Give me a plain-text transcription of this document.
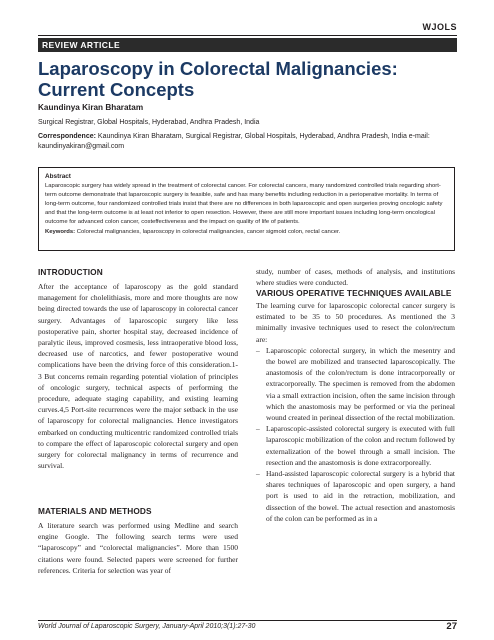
WJOLS
REVIEW ARTICLE
Laparoscopy in Colorectal Malignancies: Current Concepts
Kaundinya Kiran Bharatam
Surgical Registrar, Global Hospitals, Hyderabad, Andhra Pradesh, India
Correspondence: Kaundinya Kiran Bharatam, Surgical Registrar, Global Hospitals, Hyderabad, Andhra Pradesh, India e-mail: kaundinyakiran@gmail.com
Abstract
Laparoscopic surgery has widely spread in the treatment of colorectal cancer. For colorectal cancers, many randomized controlled trials regarding short-term outcome demonstrate that laparoscopic surgery is feasible, safe and has many benefits including reduction in a perioperative mortality. In terms of long-term outcome, four randomized controlled trials insist that there are no differences in both laparoscopic and open surgeries proving oncologic safety and that the long-term outcome is at least not inferior to open resection. However, there are still more important issues including long-term oncological outcome for advanced colon cancer, costeffectiveness and the impact on quality of life of patients.
Keywords: Colorectal malignancies, laparoscopy in colorectal malignancies, cancer sigmoid colon, rectal cancer.
INTRODUCTION

After the acceptance of laparoscopy as the gold standard management for cholelithiasis, more and more thoughts are now being directed towards the use of laparoscopy in colorectal cancer surgery. Advantages of laparoscopic surgery like less postoperative pain, shorter hospital stay, decreased incidence of paralytic ileus, improved cosmesis, less intraoperative blood loss, decreased use of narcotics, and fewer postoperative wound complications have been the driving force of this consideration.1-3 But concerns remain regarding potential violation of principles of oncologic surgery, technical aspects of performing the procedure, adequate staging capability, and existing learning curves.4,5 Port-site recurrences were the major setback in the use of laparoscopy for colorectal malignancies. Hence investigators embarked on conducting multicentric randomized controlled trials to compare the effect of laparoscopic colorectal surgery and open surgery for colorectal malignancy in terms of recurrence and survival.

MATERIALS AND METHODS

A literature search was performed using Medline and search engine Google. The following search terms were used “laparoscopy” and “colorectal malignancies”. More than 1500 citations were found. Selected papers were screened for further references. Criteria for selection was year of

study, number of cases, methods of analysis, and institutions where studies were conducted.

VARIOUS OPERATIVE TECHNIQUES AVAILABLE

The learning curve for laparoscopic colorectal cancer surgery is estimated to be 35 to 50 procedures. As mentioned the 3 minimally invasive techniques used to resect the colon/rectum are:

– Laparoscopic colorectal surgery, in which the mesentry and the bowel are mobilized and transected laparoscopically. The anastomosis of the colon/rectum is done intracorporeally or extracorporeally. The specimen is removed from the abdomen via a small extraction incision, often the same incision through which the anastomosis may be performed or via the perineal wound created in perineal dissection of the rectal mobilization.
– Laparoscopic-assisted colorectal surgery is executed with full laparoscopic mobilization of the colon and rectum followed by externalization of the bowel through a small incision. The resection and the anastomosis is done extracorporeally.
– Hand-assisted laparoscopic colorectal surgery is a hybrid that shares techniques of laparoscopic and open surgery, a hand port is used to aid in the retraction, mobilization, and dissection of the bowel. The actual resection and anastomosis of the colon can be performed as in a
World Journal of Laparoscopic Surgery, January-April 2010;3(1):27-30	27
